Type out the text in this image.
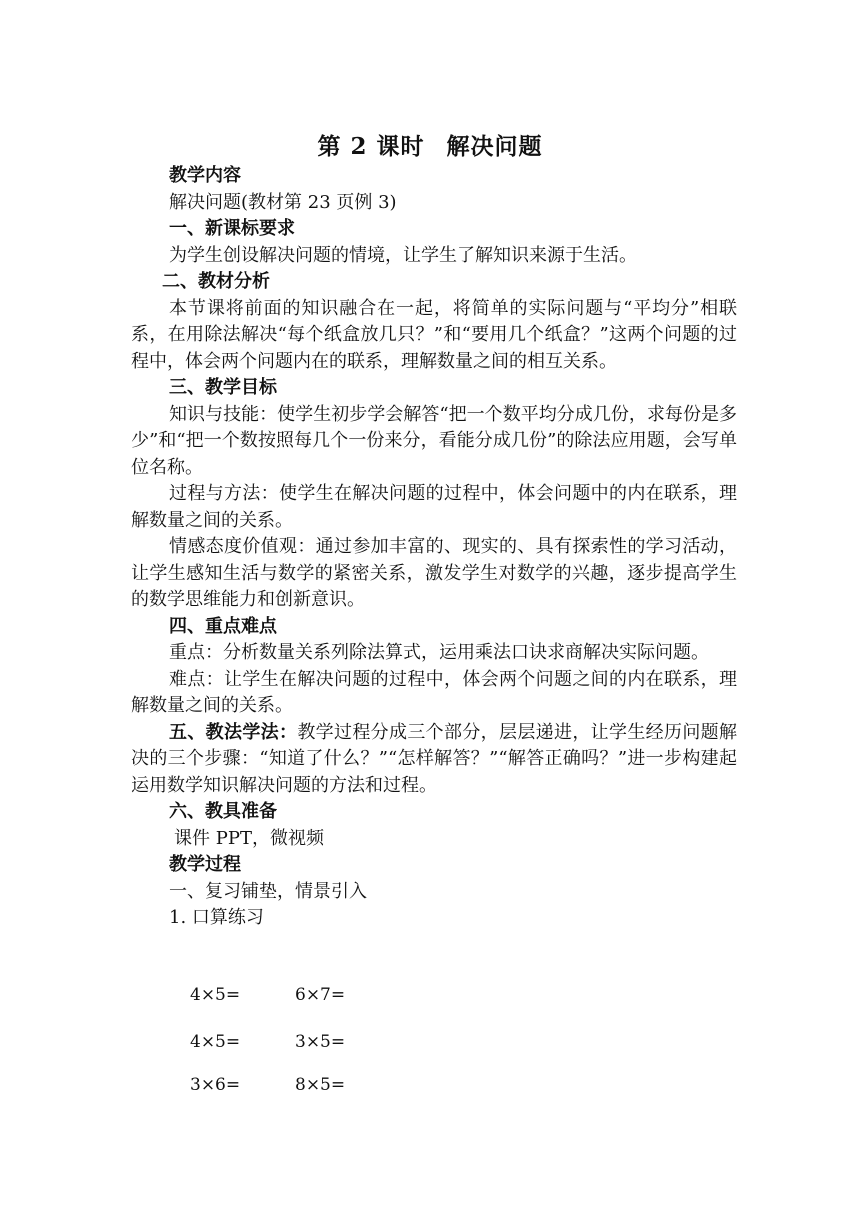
第 2 课时 解决问题

教学内容

解决问题(教材第 23 页例 3)

一、新课标要求

为学生创设解决问题的情境，让学生了解知识来源于生活。

二、教材分析

本节课将前面的知识融合在一起，将简单的实际问题与“平均分”相联系，在用除法解决“每个纸盒放几只？”和“要用几个纸盒？”这两个问题的过程中，体会两个问题内在的联系，理解数量之间的相互关系。

三、教学目标

知识与技能：使学生初步学会解答“把一个数平均分成几份，求每份是多少”和“把一个数按照每几个一份来分，看能分成几份”的除法应用题，会写单位名称。

过程与方法：使学生在解决问题的过程中，体会问题中的内在联系，理解数量之间的关系。

情感态度价值观：通过参加丰富的、现实的、具有探索性的学习活动，让学生感知生活与数学的紧密关系，激发学生对数学的兴趣，逐步提高学生的数学思维能力和创新意识。

四、重点难点

重点：分析数量关系列除法算式，运用乘法口诀求商解决实际问题。

难点：让学生在解决问题的过程中，体会两个问题之间的内在联系，理解数量之间的关系。

五、教法学法：教学过程分成三个部分，层层递进，让学生经历问题解决的三个步骤：“知道了什么？”“怎样解答？”“解答正确吗？”进一步构建起运用数学知识解决问题的方法和过程。

六、教具准备

课件 PPT，微视频

教学过程

一、复习铺垫，情景引入

1. 口算练习

4×5=	6×7=
4×5=	3×5=
3×6=	8×5=
